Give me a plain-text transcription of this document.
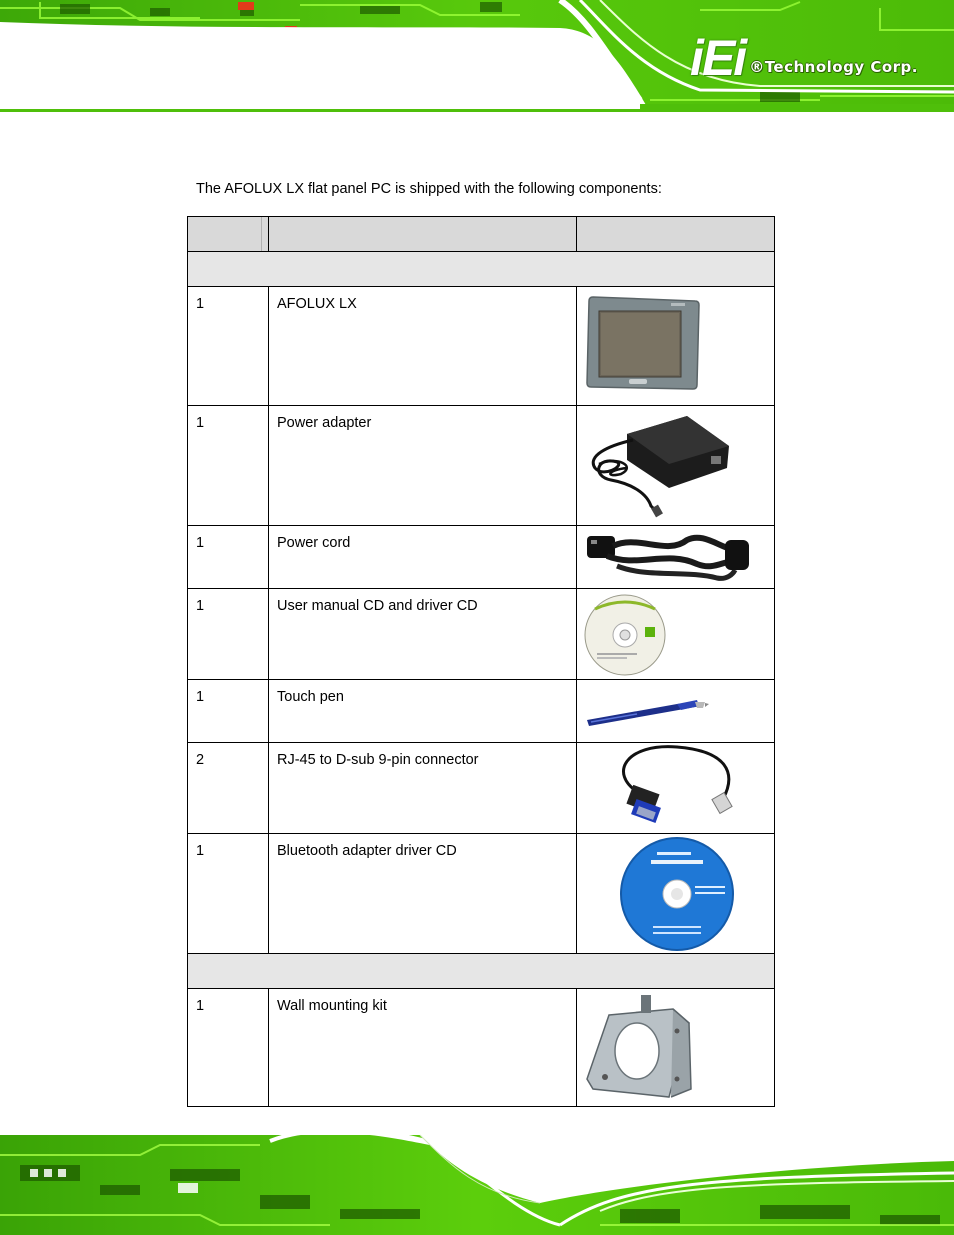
iEi ®Technology Corp.

The AFOLUX LX flat panel PC is shipped with the following components:

1	AFOLUX LX

1	Power adapter

1	Power cord

1	User manual CD and driver CD

1	Touch pen

2	RJ-45 to D-sub 9-pin connector

1	Bluetooth adapter driver CD

1	Wall mounting kit
